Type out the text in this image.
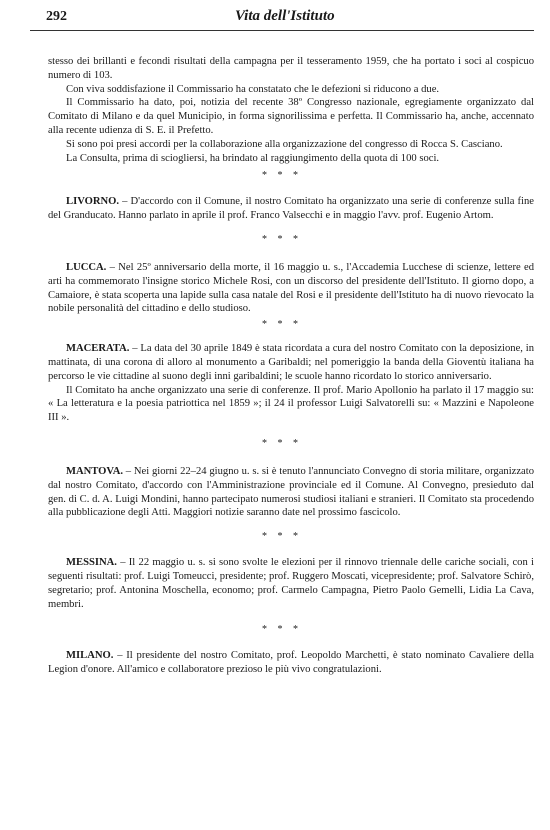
292	Vita dell'Istituto

stesso dei brillanti e fecondi risultati della campagna per il tesseramento 1959, che ha portato i soci al cospicuo numero di 103.

Con viva soddisfazione il Commissario ha constatato che le defezioni si riducono a due.

Il Commissario ha dato, poi, notizia del recente 38º Congresso nazionale, egregiamente organizzato dal Comitato di Milano e da quel Municipio, in forma signorilissima e perfetta. Il Commissario ha, anche, accennato alla recente udienza di S. E. il Prefetto.

Si sono poi presi accordi per la collaborazione alla organizzazione del congresso di Rocca S. Casciano.

La Consulta, prima di sciogliersi, ha brindato al raggiungimento della quota di 100 soci.

* * *

LIVORNO. – D'accordo con il Comune, il nostro Comitato ha organizzato una serie di conferenze sulla fine del Granducato. Hanno parlato in aprile il prof. Franco Valsecchi e in maggio l'avv. prof. Eugenio Artom.

* * *

LUCCA. – Nel 25º anniversario della morte, il 16 maggio u. s., l'Accademia Lucchese di scienze, lettere ed arti ha commemorato l'insigne storico Michele Rosi, con un discorso del presidente dell'Istituto. Il giorno dopo, a Camaiore, è stata scoperta una lapide sulla casa natale del Rosi e il presidente dell'Istituto ha di nuovo rievocato la nobile personalità del cittadino e dello studioso.

* * *

MACERATA. – La data del 30 aprile 1849 è stata ricordata a cura del nostro Comitato con la deposizione, in mattinata, di una corona di alloro al monumento a Garibaldi; nel pomeriggio la banda della Gioventù italiana ha percorso le vie cittadine al suono degli inni garibaldini; le scuole hanno ricordato lo storico anniversario.

Il Comitato ha anche organizzato una serie di conferenze. Il prof. Mario Apollonio ha parlato il 17 maggio su: « La letteratura e la poesia patriottica nel 1859 »; il 24 il professor Luigi Salvatorelli su: « Mazzini e Napoleone III ».

* * *

MANTOVA. – Nei giorni 22–24 giugno u. s. si è tenuto l'annunciato Convegno di storia militare, organizzato dal nostro Comitato, d'accordo con l'Amministrazione provinciale ed il Comune. Al Convegno, presieduto dal gen. di C. d. A. Luigi Mondini, hanno partecipato numerosi studiosi italiani e stranieri. Il Comitato sta procedendo alla pubblicazione degli Atti. Maggiori notizie saranno date nel prossimo fascicolo.

* * *

MESSINA. – Il 22 maggio u. s. si sono svolte le elezioni per il rinnovo triennale delle cariche sociali, con i seguenti risultati: prof. Luigi Tomeucci, presidente; prof. Ruggero Moscati, vicepresidente; prof. Salvatore Schirò, segretario; prof. Antonina Moschella, economo; prof. Carmelo Campagna, Pietro Paolo Gemelli, Lidia La Cava, membri.

* * *

MILANO. – Il presidente del nostro Comitato, prof. Leopoldo Marchetti, è stato nominato Cavaliere della Legion d'onore. All'amico e collaboratore prezioso le più vivo congratulazioni.
